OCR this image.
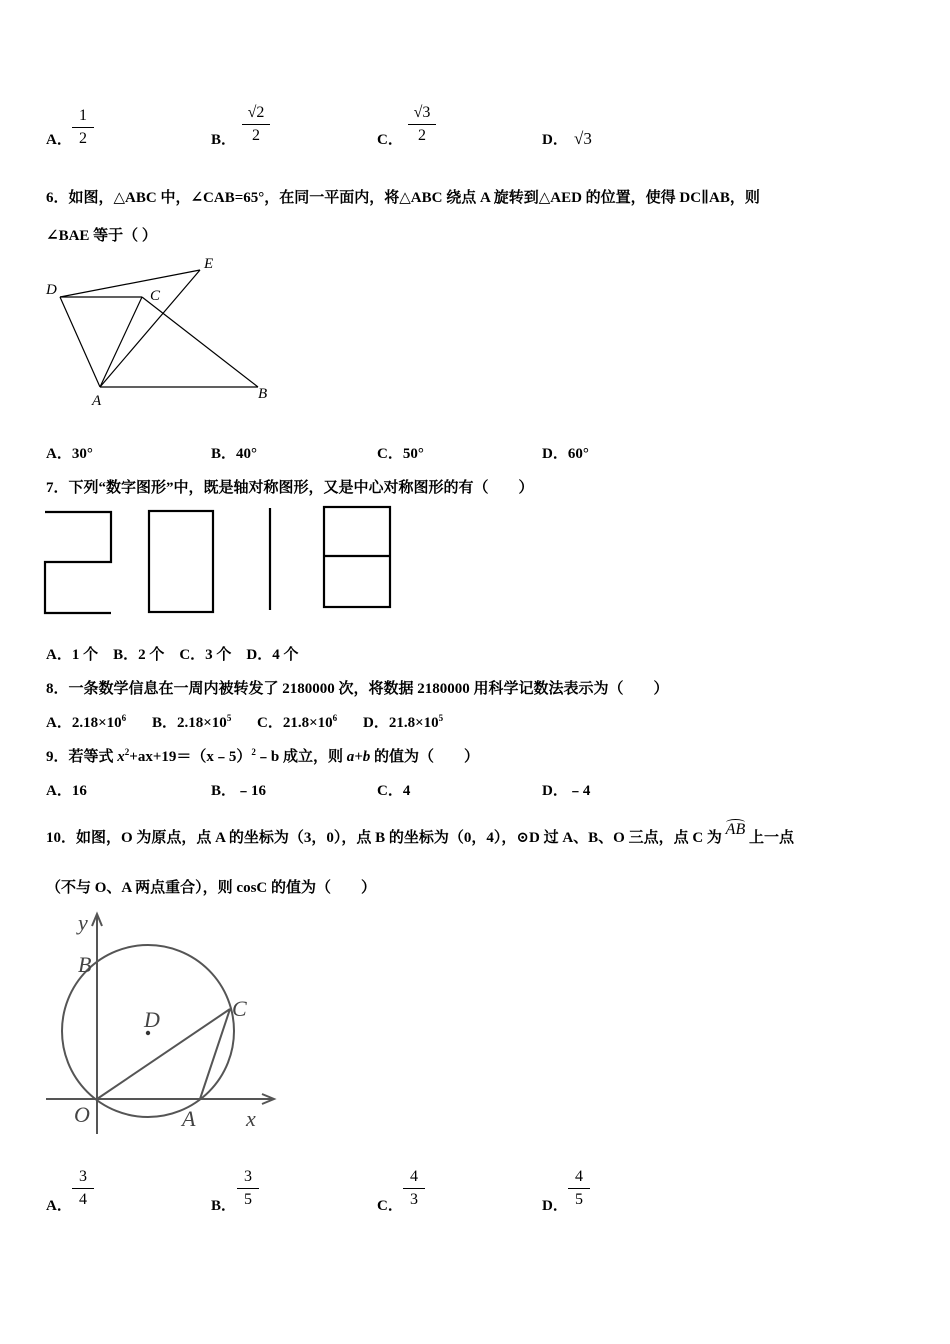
A．
1
2	B．
√2
2	C．
√3
2	D． √3
6．如图，△ABC 中，∠CAB=65°，在同一平面内，将△ABC 绕点 A 旋转到△AED 的位置，使得 DC∥AB，则
∠BAE 等于（ ）
D
E
C
A	B
A．30°	B．40°	C．50°	D．60°
7．下列“数字图形”中，既是轴对称图形，又是中心对称图形的有（　　）
A．1 个　B．2 个　C．3 个　D．4 个
8．一条数学信息在一周内被转发了 2180000 次，将数据 2180000 用科学记数法表示为（　　）
A．$2.18\times 10^6$ B．$2.18\times 10^5$ C．$21.8\times 10^6$ D．$21.8\times 10^5$
9．若等式 $x^2+ax+19=(x﹣5)^2﹣b$ 成立，则 a+b 的值为（　　）
A．16	B．﹣16	C．4	D．﹣4
10．如图，O 为原点，点 A 的坐标为（3，0），点 B 的坐标为（0，4），⊙D 过 A、B、O 三点，点 C 为
AB 上一点
（不与 O、A 两点重合），则 cosC 的值为（　　）
y
B
D	C
O	A x
A．
3
4	B．
3
5	C．
4
3	D．
4
5
